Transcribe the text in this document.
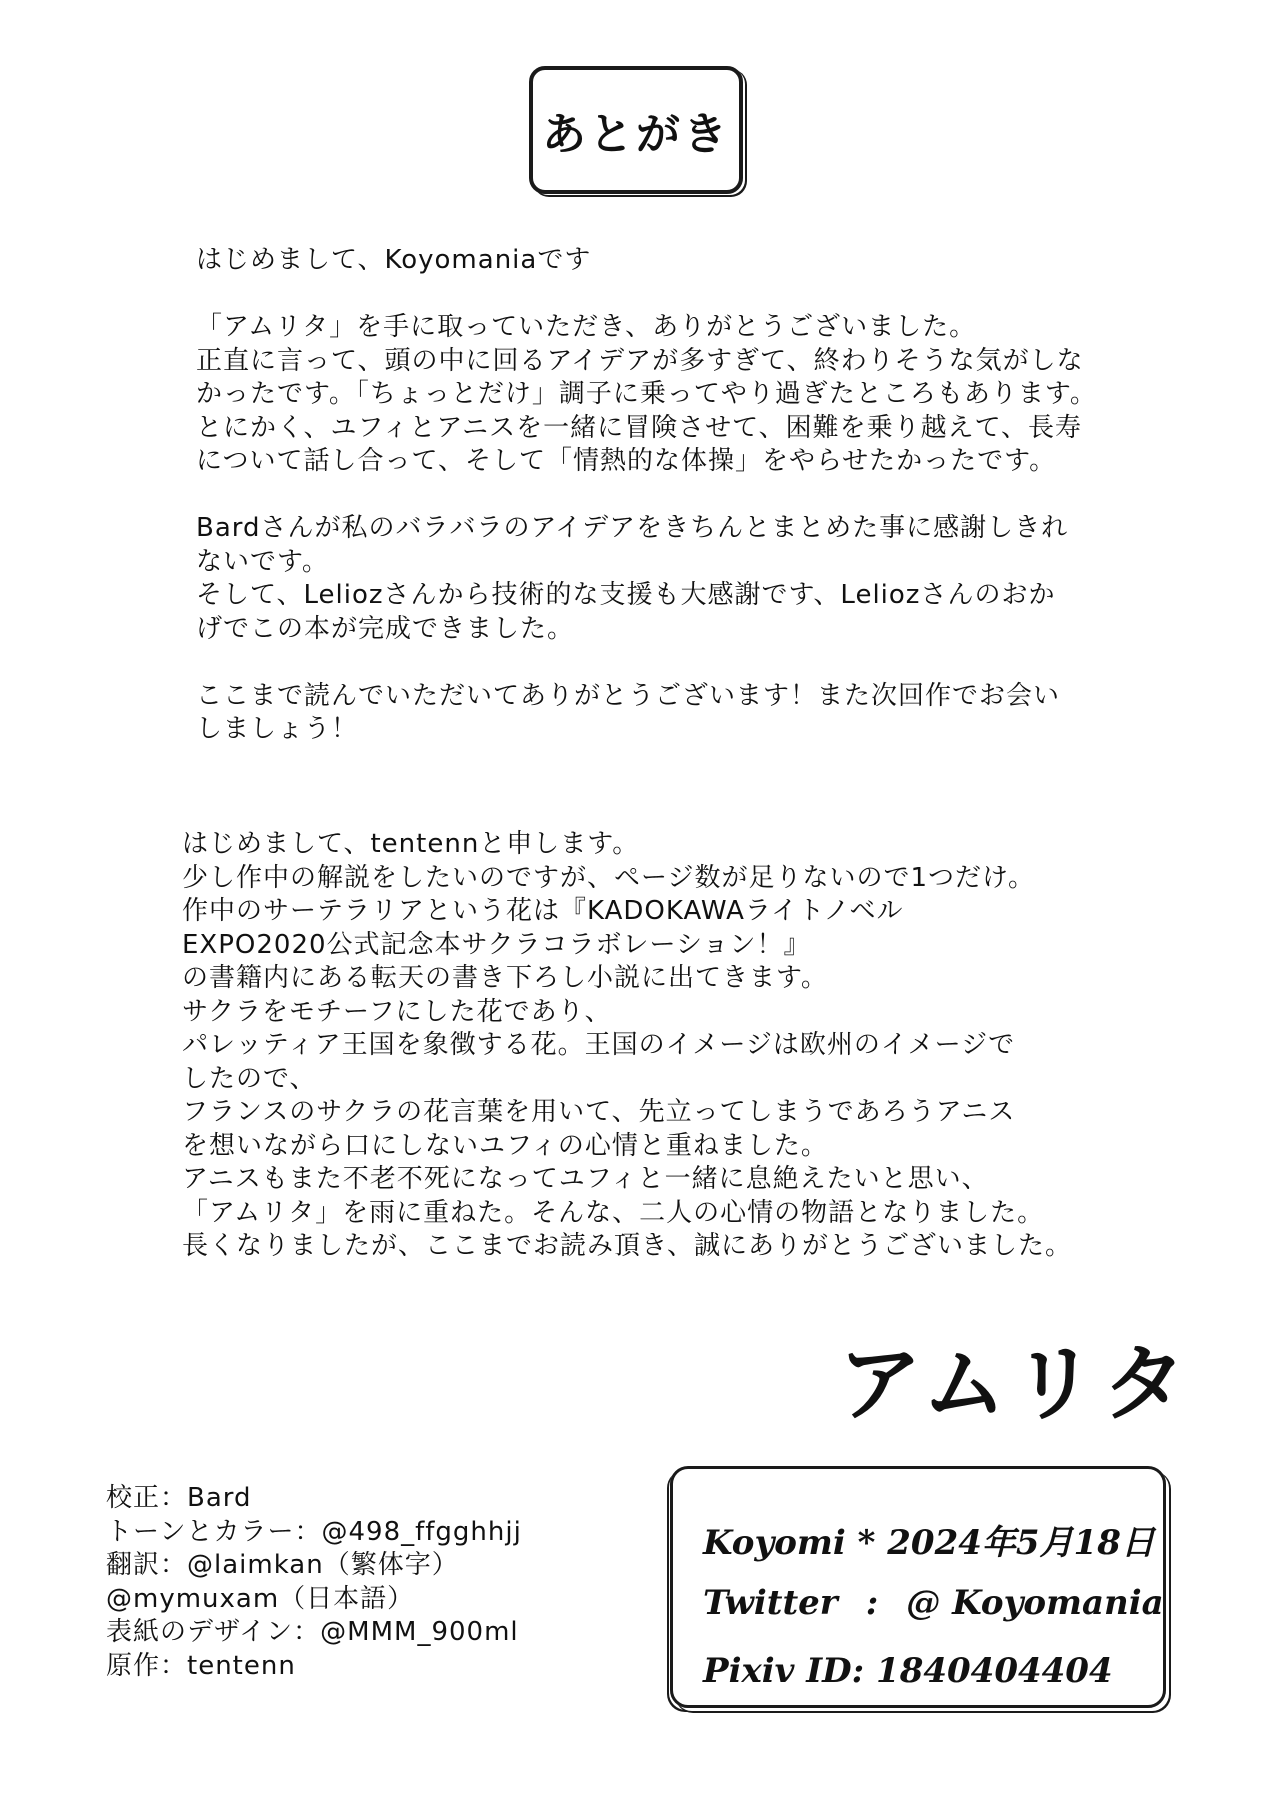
あとがき
はじめまして、Koyomaniaです
「アムリタ」を手に取っていただき、ありがとうございました。
正直に言って、頭の中に回るアイデアが多すぎて、終わりそうな気がしな
かったです。「ちょっとだけ」調子に乗ってやり過ぎたところもあります。
とにかく、ユフィとアニスを一緒に冒険させて、困難を乗り越えて、長寿
について話し合って、そして「情熱的な体操」をやらせたかったです。
Bardさんが私のバラバラのアイデアをきちんとまとめた事に感謝しきれ
ないです。
そして、Leliozさんから技術的な支援も大感謝です、Leliozさんのおか
げでこの本が完成できました。
ここまで読んでいただいてありがとうございます！また次回作でお会い
しましょう！
はじめまして、tentennと申します。
少し作中の解説をしたいのですが、ページ数が足りないので1つだけ。
作中のサーテラリアという花は『KADOKAWAライトノベル
EXPO2020公式記念本サクラコラボレーション！』
の書籍内にある転天の書き下ろし小説に出てきます。
サクラをモチーフにした花であり、
パレッティア王国を象徴する花。王国のイメージは欧州のイメージで
したので、
フランスのサクラの花言葉を用いて、先立ってしまうであろうアニス
を想いながら口にしないユフィの心情と重ねました。
アニスもまた不老不死になってユフィと一緒に息絶えたいと思い、
「アムリタ」を雨に重ねた。そんな、二人の心情の物語となりました。
長くなりましたが、ここまでお読み頂き、誠にありがとうございました。
アムリタ
校正：Bard
トーンとカラー：@498_ffgghhjj
翻訳：@laimkan（繁体字）
@mymuxam（日本語）
表紙のデザイン：@MMM_900ml
原作：tentenn
Koyomi * 2024年5月18日
Twitter : @ Koyomania
Pixiv ID: 1840404404
